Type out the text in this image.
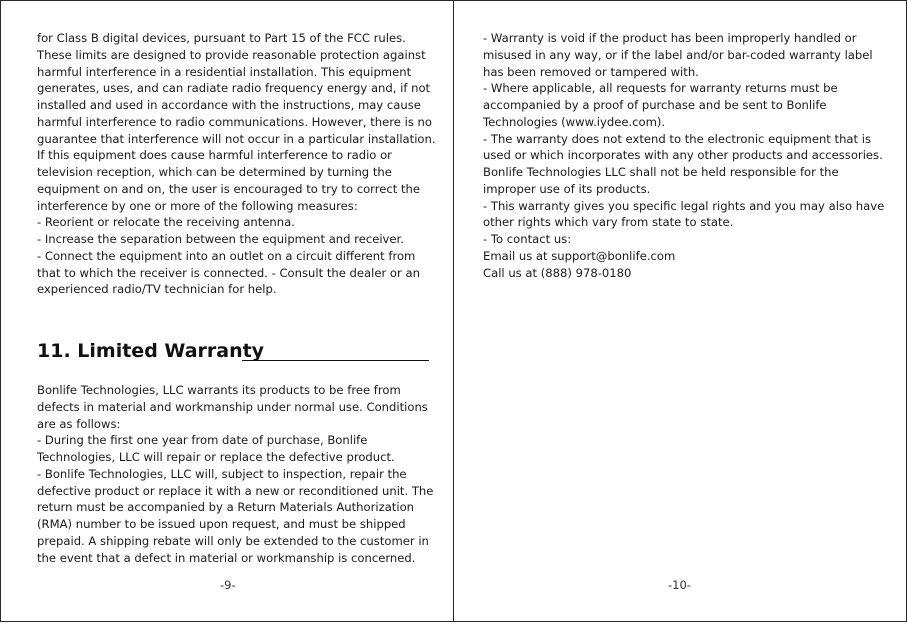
for Class B digital devices, pursuant to Part 15 of the FCC rules.

These limits are designed to provide reasonable protection against

harmful interference in a residential installation. This equipment

generates, uses, and can radiate radio frequency energy and, if not

installed and used in accordance with the instructions, may cause

harmful interference to radio communications. However, there is no

guarantee that interference will not occur in a particular installation.

If this equipment does cause harmful interference to radio or

television reception, which can be determined by turning the

equipment on and on, the user is encouraged to try to correct the

interference by one or more of the following measures:

- Reorient or relocate the receiving antenna.

- Increase the separation between the equipment and receiver.

- Connect the equipment into an outlet on a circuit different from

that to which the receiver is connected. - Consult the dealer or an

experienced radio/TV technician for help.

11. Limited Warranty

Bonlife Technologies, LLC warrants its products to be free from

defects in material and workmanship under normal use. Conditions

are as follows:

- During the first one year from date of purchase, Bonlife

Technologies, LLC will repair or replace the defective product.

- Bonlife Technologies, LLC will, subject to inspection, repair the

defective product or replace it with a new or reconditioned unit. The

return must be accompanied by a Return Materials Authorization

(RMA) number to be issued upon request, and must be shipped

prepaid. A shipping rebate will only be extended to the customer in

the event that a defect in material or workmanship is concerned.

-9-

- Warranty is void if the product has been improperly handled or

misused in any way, or if the label and/or bar-coded warranty label

has been removed or tampered with.

- Where applicable, all requests for warranty returns must be

accompanied by a proof of purchase and be sent to Bonlife

Technologies (www.iydee.com).

- The warranty does not extend to the electronic equipment that is

used or which incorporates with any other products and accessories.

Bonlife Technologies LLC shall not be held responsible for the

improper use of its products.

- This warranty gives you specific legal rights and you may also have

other rights which vary from state to state.

- To contact us:

Email us at support@bonlife.com

Call us at (888) 978-0180

-10-
